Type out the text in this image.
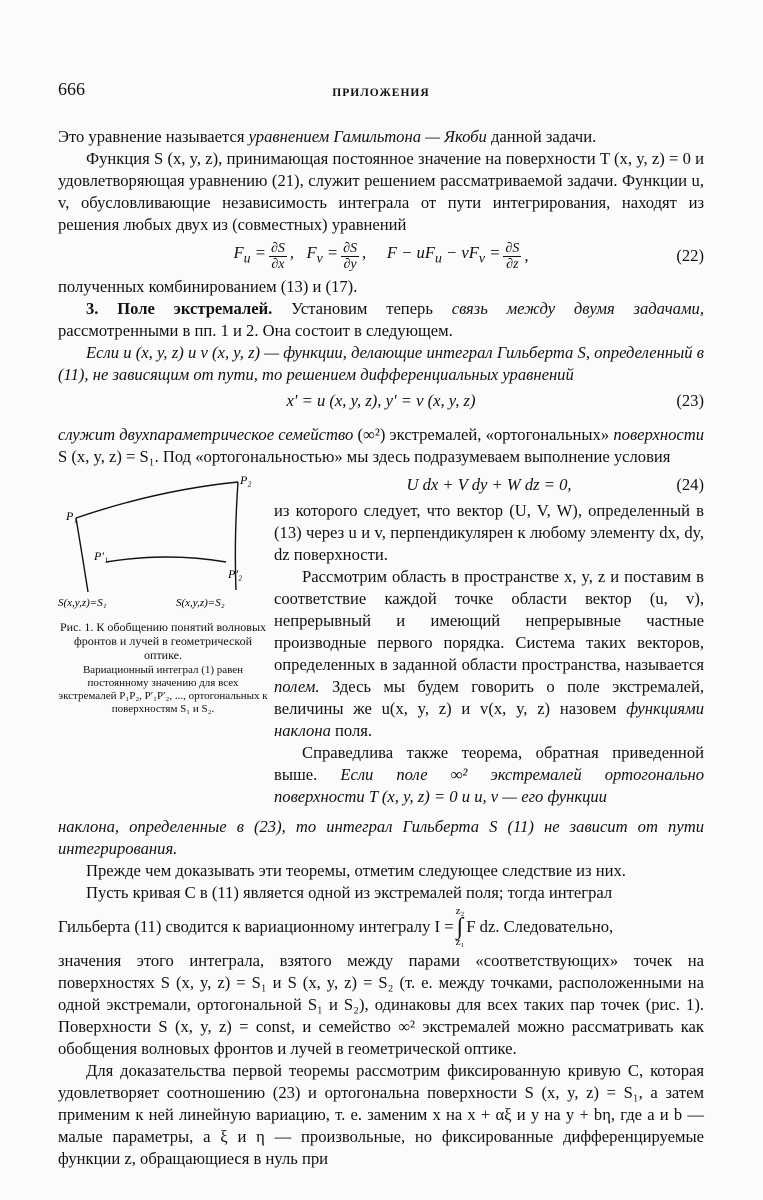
666	ПРИЛОЖЕНИЯ

Это уравнение называется уравнением Гамильтона — Якоби данной задачи.

Функция S (x, y, z), принимающая постоянное значение на поверхности T (x, y, z) = 0 и удовлетворяющая уравнению (21), служит решением рассматриваемой задачи. Функции u, v, обусловливающие независимость интеграла от пути интегрирования, находят из решения любых двух из (совместных) уравнений

$F_u = \frac{\partial S}{\partial x}$ ,   $F_v = \frac{\partial S}{\partial y}$ ,     $F - uF_u - vF_v = \frac{\partial S}{\partial z}$ ,	(22)

полученных комбинированием (13) и (17).

3. Поле экстремалей. Установим теперь связь между двумя задачами, рассмотренными в пп. 1 и 2. Она состоит в следующем.

Если u (x, y, z) и v (x, y, z) — функции, делающие интеграл Гильберта S, определенный в (11), не зависящим от пути, то решением дифференциальных уравнений

x′ = u (x, y, z), y′ = v (x, y, z)	(23)

служит двухпараметрическое семейство (∞²) экстремалей, «ортогональных» поверхности S (x, y, z) = S₁. Под «ортогональностью» мы здесь подразумеваем выполнение условия

P₁
P₂
P′₁
P′₂
S(x,y,z)=S₁	S(x,y,z)=S₂
Рис. 1. К обобщению понятий волновых фронтов и лучей в геометрической оптике.
Вариационный интеграл (1) равен постоянному значению для всех экстремалей P₁P₂, P′₁P′₂, ..., ортогональных к поверхностям S₁ и S₂.
U dx + V dy + W dz = 0,	(24)

из которого следует, что вектор (U, V, W), определенный в (13) через u и v, перпендикулярен к любому элементу dx, dy, dz поверхности.

Рассмотрим область в пространстве x, y, z и поставим в соответствие каждой точке области вектор (u, v), непрерывный и имеющий непрерывные частные производные первого порядка. Система таких векторов, определенных в заданной области пространства, называется полем. Здесь мы будем говорить о поле экстремалей, величины же u(x, y, z) и v(x, y, z) назовем функциями наклона поля.

Справедлива также теорема, обратная приведенной выше. Если поле ∞² экстремалей ортогонально поверхности T (x, y, z) = 0 и u, v — его функции

наклона, определенные в (23), то интеграл Гильберта S (11) не зависит от пути интегрирования.

Прежде чем доказывать эти теоремы, отметим следующее следствие из них.

Пусть кривая C в (11) является одной из экстремалей поля; тогда интеграл

Гильберта (11) сводится к вариационному интегралу I =
z₂
∫
z₁
F dz. Следовательно,

значения этого интеграла, взятого между парами «соответствующих» точек на поверхностях S (x, y, z) = S₁ и S (x, y, z) = S₂ (т. е. между точками, расположенными на одной экстремали, ортогональной S₁ и S₂), одинаковы для всех таких пар точек (рис. 1). Поверхности S (x, y, z) = const, и семейство ∞² экстремалей можно рассматривать как обобщения волновых фронтов и лучей в геометрической оптике.

Для доказательства первой теоремы рассмотрим фиксированную кривую C, которая удовлетворяет соотношению (23) и ортогональна поверхности S (x, y, z) = S₁, а затем применим к ней линейную вариацию, т. е. заменим x на x + αξ и y на y + bη, где a и b — малые параметры, а ξ и η — произвольные, но фиксированные дифференцируемые функции z, обращающиеся в нуль при
